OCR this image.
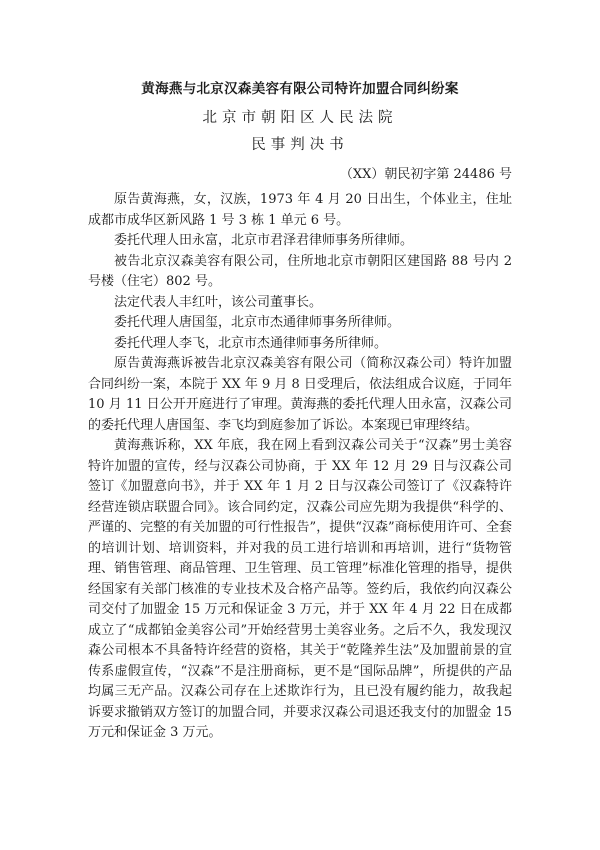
黄海燕与北京汉森美容有限公司特许加盟合同纠纷案
北京市朝阳区人民法院
民事判决书
（XX）朝民初字第 24486 号

原告黄海燕，女，汉族，1973 年 4 月 20 日出生，个体业主，住址成都市成华区新风路 1 号 3 栋 1 单元 6 号。

委托代理人田永富，北京市君泽君律师事务所律师。

被告北京汉森美容有限公司，住所地北京市朝阳区建国路 88 号内 2 号楼（住宅）802 号。

法定代表人丰红叶，该公司董事长。

委托代理人唐国玺，北京市杰通律师事务所律师。

委托代理人李飞，北京市杰通律师事务所律师。

原告黄海燕诉被告北京汉森美容有限公司（简称汉森公司）特许加盟合同纠纷一案，本院于 XX 年 9 月 8 日受理后，依法组成合议庭，于同年 10 月 11 日公开开庭进行了审理。黄海燕的委托代理人田永富，汉森公司的委托代理人唐国玺、李飞均到庭参加了诉讼。本案现已审理终结。

黄海燕诉称，XX 年底，我在网上看到汉森公司关于“汉森”男士美容特许加盟的宣传，经与汉森公司协商，于 XX 年 12 月 29 日与汉森公司签订《加盟意向书》，并于 XX 年 1 月 2 日与汉森公司签订了《汉森特许经营连锁店联盟合同》。该合同约定，汉森公司应先期为我提供“科学的、严谨的、完整的有关加盟的可行性报告”，提供“汉森”商标使用许可、全套的培训计划、培训资料，并对我的员工进行培训和再培训，进行“货物管理、销售管理、商品管理、卫生管理、员工管理”标准化管理的指导，提供经国家有关部门核准的专业技术及合格产品等。签约后，我依约向汉森公司交付了加盟金 15 万元和保证金 3 万元，并于 XX 年 4 月 22 日在成都成立了“成都铂金美容公司”开始经营男士美容业务。之后不久，我发现汉森公司根本不具备特许经营的资格，其关于“乾隆养生法”及加盟前景的宣传系虚假宣传，“汉森”不是注册商标，更不是“国际品牌”，所提供的产品均属三无产品。汉森公司存在上述欺诈行为，且已没有履约能力，故我起诉要求撤销双方签订的加盟合同，并要求汉森公司退还我支付的加盟金 15 万元和保证金 3 万元。
